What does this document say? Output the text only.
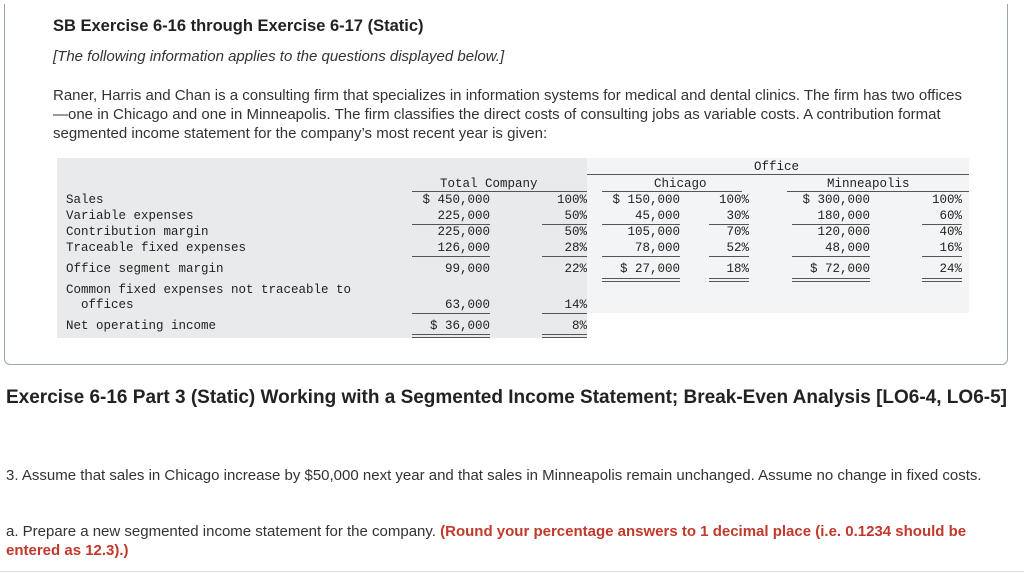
SB Exercise 6-16 through Exercise 6-17 (Static)
[The following information applies to the questions displayed below.]
Raner, Harris and Chan is a consulting firm that specializes in information systems for medical and dental clinics. The firm has two offices—one in Chicago and one in Minneapolis. The firm classifies the direct costs of consulting jobs as variable costs. A contribution format segmented income statement for the company’s most recent year is given:
Office
Total Company	Chicago	Minneapolis
Sales	$ 450,000	100%	$ 150,000	100%	$ 300,000	100%
Variable expenses	225,000	50%	45,000	30%	180,000	60%
Contribution margin	225,000	50%	105,000	70%	120,000	40%
Traceable fixed expenses	126,000	28%	78,000	52%	48,000	16%
Office segment margin	99,000	22%	$ 27,000	18%	$ 72,000	24%
Common fixed expenses not traceable to
offices	63,000	14%
Net operating income	$ 36,000	8%
Exercise 6-16 Part 3 (Static) Working with a Segmented Income Statement; Break-Even Analysis [LO6-4, LO6-5]
3. Assume that sales in Chicago increase by $50,000 next year and that sales in Minneapolis remain unchanged. Assume no change in fixed costs.
a. Prepare a new segmented income statement for the company. (Round your percentage answers to 1 decimal place (i.e. 0.1234 should be entered as 12.3).)
